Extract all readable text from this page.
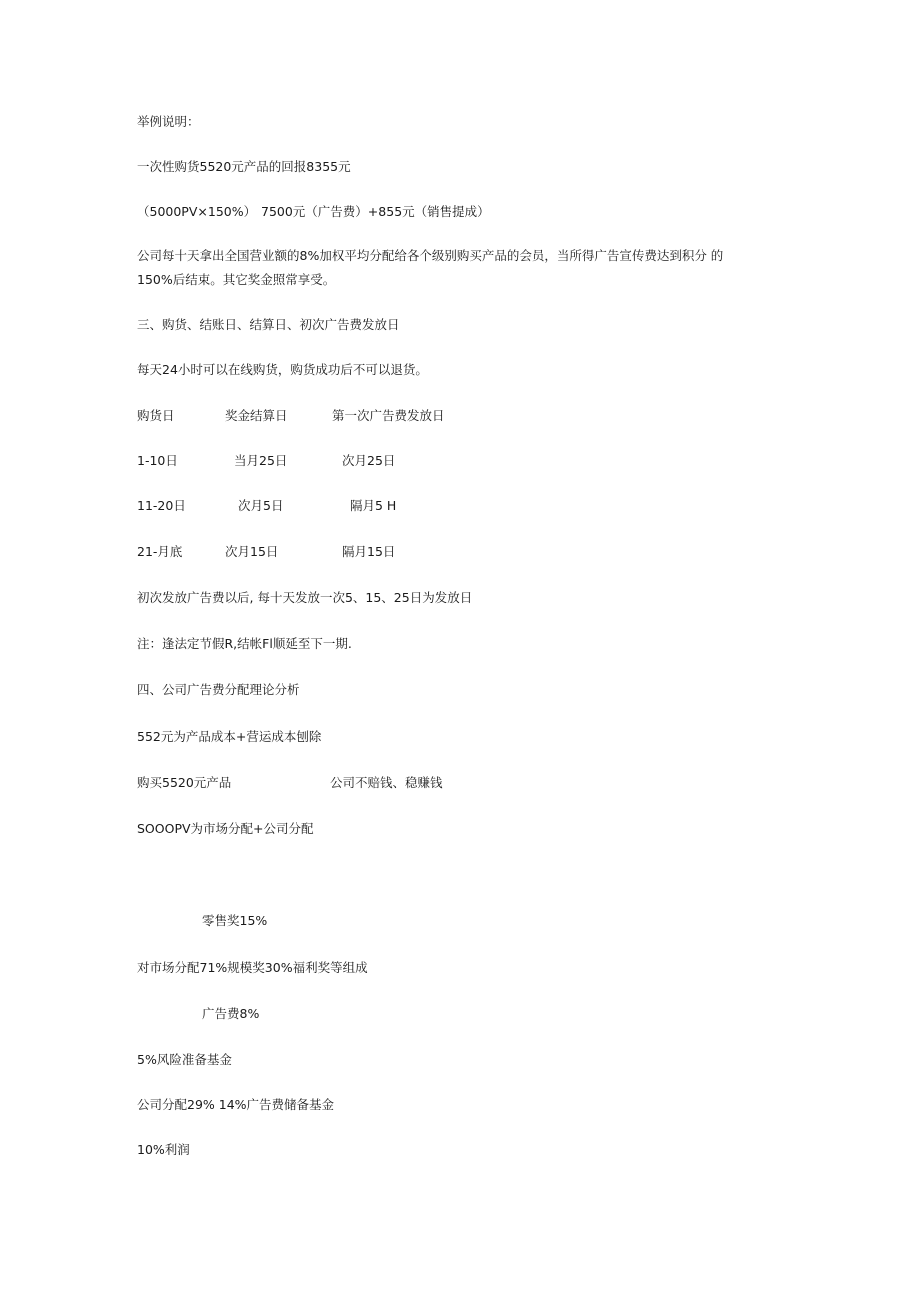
举例说明：
一次性购货5520元产品的回报8355元
（5000PV×150%） 7500元（广告费）+855元（销售提成）
公司每十天拿出全国营业额的8%加权平均分配给各个级别购买产品的会员，当所得广告宣传费达到积分 的
150%后结束。其它奖金照常享受。
三、购货、结账日、结算日、初次广告费发放日
每天24小时可以在线购货，购货成功后不可以退货。
购货日	奖金结算日	第一次广告费发放日
1-10日	当月25日	次月25日
11-20日	次月5日	隔月5 H
21-月底	次月15日	隔月15日
初次发放广告费以后, 每十天发放一次5、15、25日为发放日
注：逢法定节假R,结帐Fl顺延至下一期.
四、公司广告费分配理论分析
552元为产品成本+营运成本刨除
购买5520元产品	公司不赔钱、稳赚钱
SOOOPV为市场分配+公司分配
零售奖15%
对市场分配71%规模奖30%福利奖等组成
广告费8%
5%风险准备基金
公司分配29% 14%广告费储备基金
10%利润
